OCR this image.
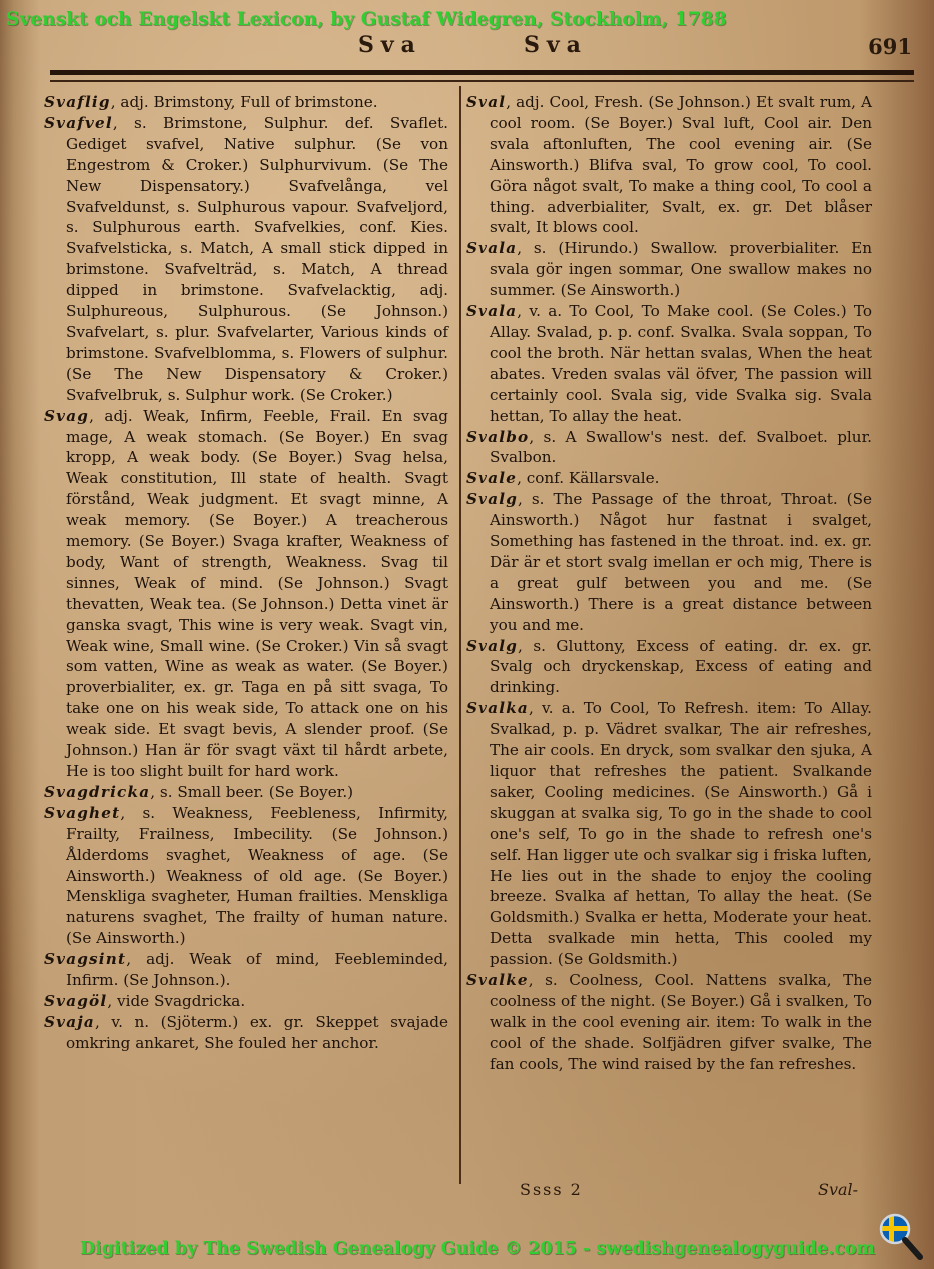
Svenskt och Engelskt Lexicon, by Gustaf Widegren, Stockholm, 1788
Sva	Sva	691

Svaflig, adj. Brimstony, Full of brimstone.

Svafvel, s. Brimstone, Sulphur. def. Svaflet. Gediget svafvel, Native sulphur. (Se von Engestrom & Croker.) Sulphurvivum. (Se The New Dispensatory.) Svafvelånga, vel Svafveldunst, s. Sulphurous vapour. Svafveljord, s. Sulphurous earth. Svafvelkies, conf. Kies. Svafvelsticka, s. Match, A small stick dipped in brimstone. Svafvelträd, s. Match, A thread dipped in brimstone. Svafvelacktig, adj. Sulphureous, Sulphurous. (Se Johnson.) Svafvelart, s. plur. Svafvelarter, Various kinds of brimstone. Svafvelblomma, s. Flowers of sulphur. (Se The New Dispensatory & Croker.) Svafvelbruk, s. Sulphur work. (Se Croker.)

Svag, adj. Weak, Infirm, Feeble, Frail. En svag mage, A weak stomach. (Se Boyer.) En svag kropp, A weak body. (Se Boyer.) Svag helsa, Weak constitution, Ill state of health. Svagt förstånd, Weak judgment. Et svagt minne, A weak memory. (Se Boyer.) A treacherous memory. (Se Boyer.) Svaga krafter, Weakness of body, Want of strength, Weakness. Svag til sinnes, Weak of mind. (Se Johnson.) Svagt thevatten, Weak tea. (Se Johnson.) Detta vinet är ganska svagt, This wine is very weak. Svagt vin, Weak wine, Small wine. (Se Croker.) Vin så svagt som vatten, Wine as weak as water. (Se Boyer.) proverbialiter, ex. gr. Taga en på sitt svaga, To take one on his weak side, To attack one on his weak side. Et svagt bevis, A slender proof. (Se Johnson.) Han är för svagt växt til hårdt arbete, He is too slight built for hard work.

Svagdricka, s. Small beer. (Se Boyer.)

Svaghet, s. Weakness, Feebleness, Infirmity, Frailty, Frailness, Imbecility. (Se Johnson.) Ålderdoms svaghet, Weakness of age. (Se Ainsworth.) Weakness of old age. (Se Boyer.) Menskliga svagheter, Human frailties. Menskliga naturens svaghet, The frailty of human nature. (Se Ainsworth.)

Svagsint, adj. Weak of mind, Feebleminded, Infirm. (Se Johnson.).

Svagöl, vide Svagdricka.

Svaja, v. n. (Sjöterm.) ex. gr. Skeppet svajade omkring ankaret, She fouled her anchor.

Sval, adj. Cool, Fresh. (Se Johnson.) Et svalt rum, A cool room. (Se Boyer.) Sval luft, Cool air. Den svala aftonluften, The cool evening air. (Se Ainsworth.) Blifva sval, To grow cool, To cool. Göra något svalt, To make a thing cool, To cool a thing. adverbialiter, Svalt, ex. gr. Det blåser svalt, It blows cool.

Svala, s. (Hirundo.) Swallow. proverbialiter. En svala gör ingen sommar, One swallow makes no summer. (Se Ainsworth.)

Svala, v. a. To Cool, To Make cool. (Se Coles.) To Allay. Svalad, p. p. conf. Svalka. Svala soppan, To cool the broth. När hettan svalas, When the heat abates. Vreden svalas väl öfver, The passion will certainly cool. Svala sig, vide Svalka sig. Svala hettan, To allay the heat.

Svalbo, s. A Swallow's nest. def. Svalboet. plur. Svalbon.

Svale, conf. Källarsvale.

Svalg, s. The Passage of the throat, Throat. (Se Ainsworth.) Något hur fastnat i svalget, Something has fastened in the throat. ind. ex. gr. Där är et stort svalg imellan er och mig, There is a great gulf between you and me. (Se Ainsworth.) There is a great distance between you and me.

Svalg, s. Gluttony, Excess of eating. dr. ex. gr. Svalg och dryckenskap, Excess of eating and drinking.

Svalka, v. a. To Cool, To Refresh. item: To Allay. Svalkad, p. p. Vädret svalkar, The air refreshes, The air cools. En dryck, som svalkar den sjuka, A liquor that refreshes the patient. Svalkande saker, Cooling medicines. (Se Ainsworth.) Gå i skuggan at svalka sig, To go in the shade to cool one's self, To go in the shade to refresh one's self. Han ligger ute och svalkar sig i friska luften, He lies out in the shade to enjoy the cooling breeze. Svalka af hettan, To allay the heat. (Se Goldsmith.) Svalka er hetta, Moderate your heat. Detta svalkade min hetta, This cooled my passion. (Se Goldsmith.)

Svalke, s. Coolness, Cool. Nattens svalka, The coolness of the night. (Se Boyer.) Gå i svalken, To walk in the cool evening air. item: To walk in the cool of the shade. Solfjädren gifver svalke, The fan cools, The wind raised by the fan refreshes.

Ssss 2	Sval-
Digitized by The Swedish Genealogy Guide © 2015 - swedishgenealogyguide.com
